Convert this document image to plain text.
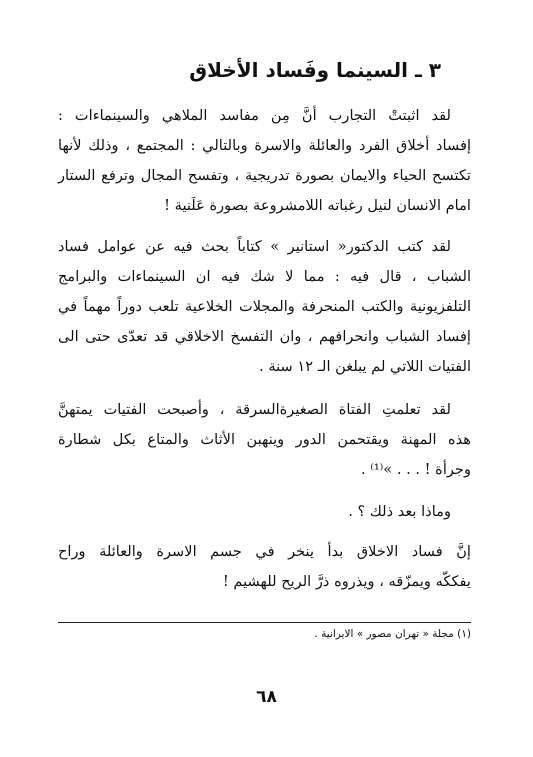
٣ ـ السينما وفَساد الأخلاق
لقد اثبتتْ التجارب أنَّ مِن مفاسد الملاهي والسينماءات :
إفساد أخلاق الفرد والعائلة والاسرة وبالتالي : المجتمع ، وذلك لأنها
تكتسح الحياء والايمان بصورة تدريجية ، وتفسح المجال وترفع الستار
امام الانسان لنيل رغباته اللامشروعة بصورة عَلَنية !
لقد كتب الدكتور« استانير » كتاباً بحث فيه عن عوامل فساد
الشباب ، قال فيه : مما لا شك فيه ان السينماءات والبرامج
التلفزيونية والكتب المنحرفة والمجلات الخلاعية تلعب دوراً مهماً في
إفساد الشباب وانحرافهم ، وان التفسخ الاخلاقي قد تعدّى حتى الى
الفتيات اللاتي لم يبلغن الـ ١٢ سنة .
لقد تعلمتِ الفتاة الصغيرةالسرقة ، وأصبحت الفتيات يمتهنَّ
هذه المهنة ويقتحمن الدور وينهبن الأثاث والمتاع بكل شطارة
وجرأة ! . . . »⁽¹⁾ .
وماذا بعد ذلك ؟ .
إنَّ فساد الاخلاق بدأ ينخر في جسم الاسرة والعائلة وراح
يفككّه ويمزّقه ، ويذروه ذرَّ الريح للهشيم !
(١) مجلة « تهران مصور » الايرانية .
٦٨
